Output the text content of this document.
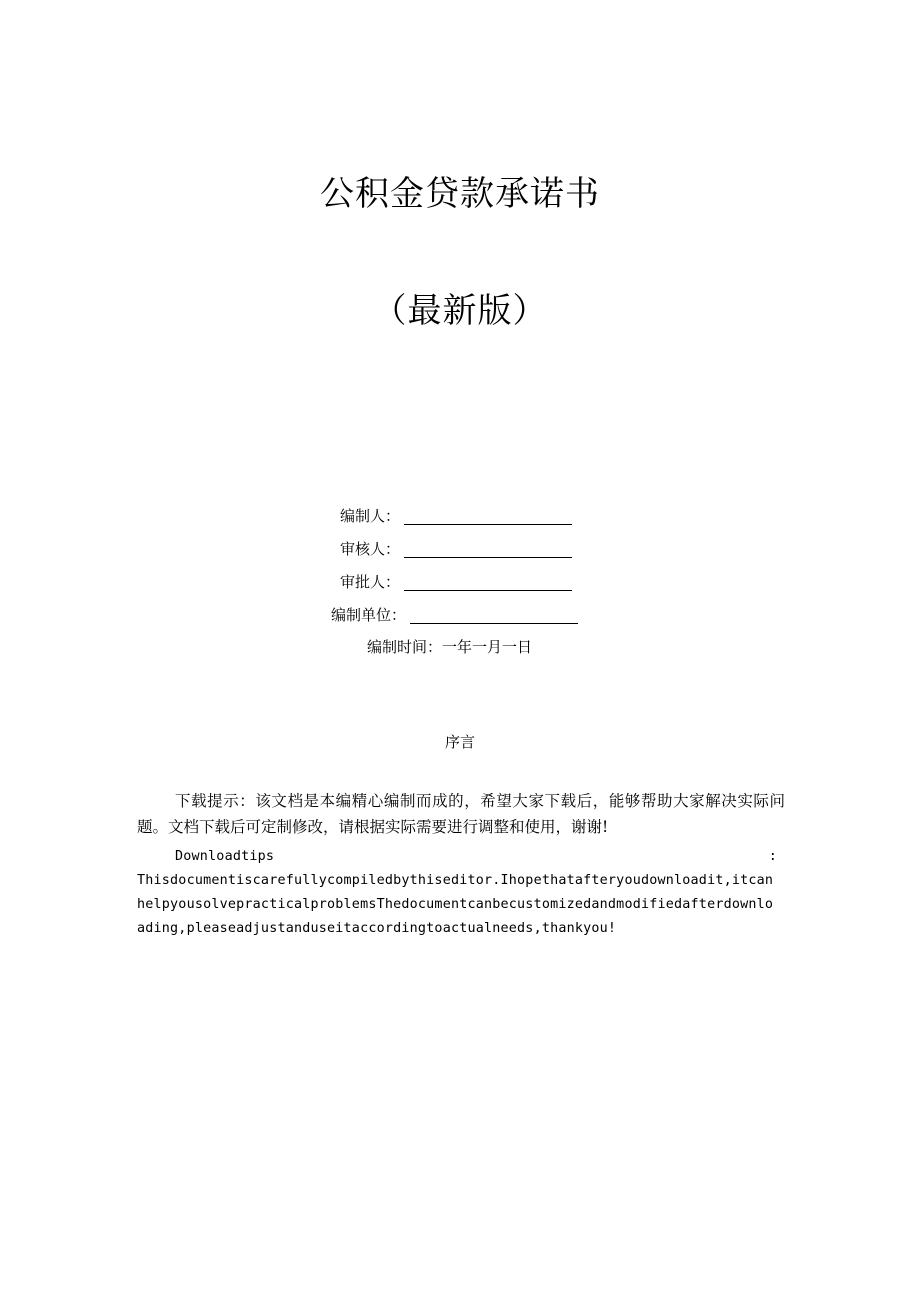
公积金贷款承诺书
（最新版）
编制人：
审核人：
审批人：
编制单位：
编制时间：一年一月一日
序言
下载提示：该文档是本编精心编制而成的，希望大家下载后，能够帮助大家解决实际问题。文档下载后可定制修改，请根据实际需要进行调整和使用，谢谢!
Downloadtips	:
Thisdocumentiscarefullycompiledbythiseditor.Ihopethatafteryoudownloadit,itcanhelpyousolvepracticalproblemsThedocumentcanbecustomizedandmodifiedafterdownloading,pleaseadjustanduseitaccordingtoactualneeds,thankyou!
